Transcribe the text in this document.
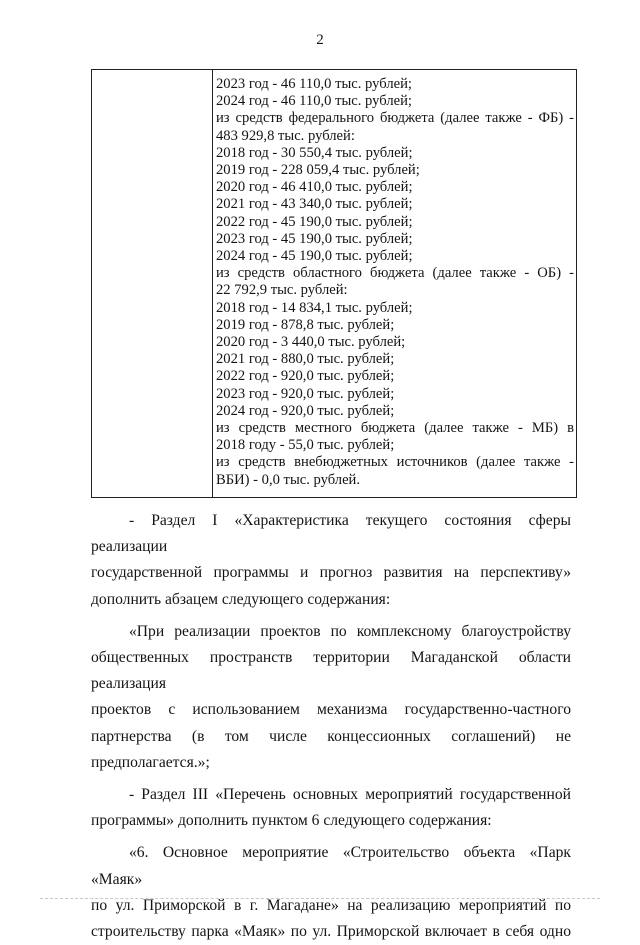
2
2023 год - 46 110,0 тыс. рублей;
2024 год - 46 110,0 тыс. рублей;
из средств федерального бюджета (далее также - ФБ) -
483 929,8 тыс. рублей:
2018 год - 30 550,4 тыс. рублей;
2019 год - 228 059,4 тыс. рублей;
2020 год - 46 410,0 тыс. рублей;
2021 год - 43 340,0 тыс. рублей;
2022 год - 45 190,0 тыс. рублей;
2023 год - 45 190,0 тыс. рублей;
2024 год - 45 190,0 тыс. рублей;
из средств областного бюджета (далее также - ОБ) -
22 792,9 тыс. рублей:
2018 год - 14 834,1 тыс. рублей;
2019 год - 878,8 тыс. рублей;
2020 год - 3 440,0 тыс. рублей;
2021 год - 880,0 тыс. рублей;
2022 год - 920,0 тыс. рублей;
2023 год - 920,0 тыс. рублей;
2024 год - 920,0 тыс. рублей;
из средств местного бюджета (далее также - МБ) в
2018 году - 55,0 тыс. рублей;
из средств внебюджетных источников (далее также -
ВБИ) - 0,0 тыс. рублей.

- Раздел I «Характеристика текущего состояния сферы реализации

государственной программы и прогноз развития на перспективу»

дополнить абзацем следующего содержания:

«При реализации проектов по комплексному благоустройству

общественных пространств территории Магаданской области реализация

проектов с использованием механизма государственно-частного

партнерства (в том числе концессионных соглашений) не

предполагается.»;

- Раздел III «Перечень основных мероприятий государственной

программы» дополнить пунктом 6 следующего содержания:

«6. Основное мероприятие «Строительство объекта «Парк «Маяк»

по ул. Приморской в г. Магадане» на реализацию мероприятий по

строительству парка «Маяк» по ул. Приморской включает в себя одно
